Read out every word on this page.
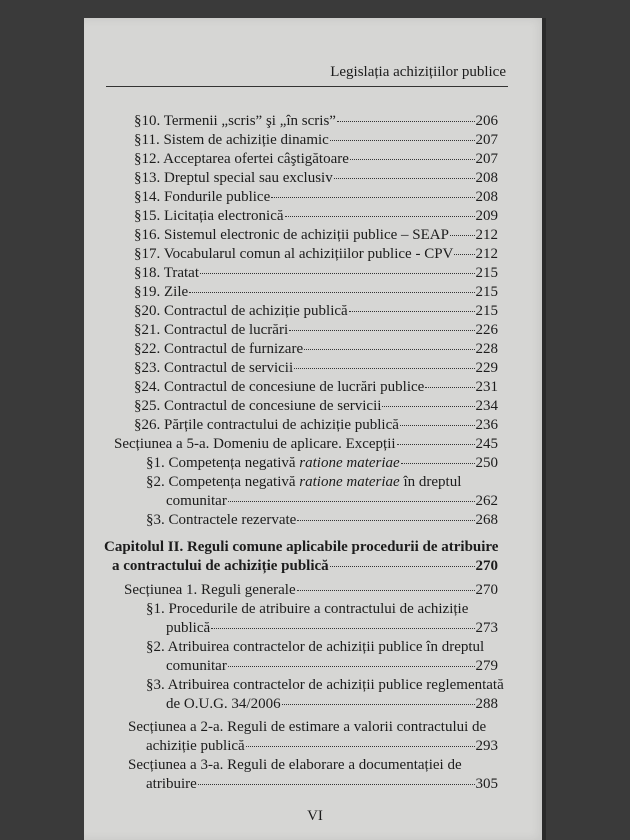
Legislația achizițiilor publice
§10. Termenii „scris” şi „în scris”	206
§11. Sistem de achiziție dinamic	207
§12. Acceptarea ofertei câştigătoare	207
§13. Dreptul special sau exclusiv	208
§14. Fondurile publice	208
§15. Licitația electronică	209
§16. Sistemul electronic de achiziții publice – SEAP 212
§17. Vocabularul comun al achizițiilor publice - CPV 212
§18. Tratat	215
§19. Zile	215
§20. Contractul de achiziție publică	215
§21. Contractul de lucrări	226
§22. Contractul de furnizare	228
§23. Contractul de servicii	229
§24. Contractul de concesiune de lucrări publice	231
§25. Contractul de concesiune de servicii	234
§26. Părțile contractului de achiziție publică	236
Secțiunea a 5-a. Domeniu de aplicare. Excepții	245
§1. Competența negativă ratione materiae	250
§2. Competența negativă ratione materiae în dreptul
comunitar	262
§3. Contractele rezervate	268
Capitolul II. Reguli comune aplicabile procedurii de atribuire
a contractului de achiziție publică	270
Secțiunea 1. Reguli generale	270
§1. Procedurile de atribuire a contractului de achiziție
publică	273
§2. Atribuirea contractelor de achiziții publice în dreptul
comunitar	279
§3. Atribuirea contractelor de achiziții publice reglementată
de O.U.G. 34/2006	288
Secțiunea a 2-a. Reguli de estimare a valorii contractului de
achiziție publică	293
Secțiunea a 3-a. Reguli de elaborare a documentației de
atribuire	305
VI
